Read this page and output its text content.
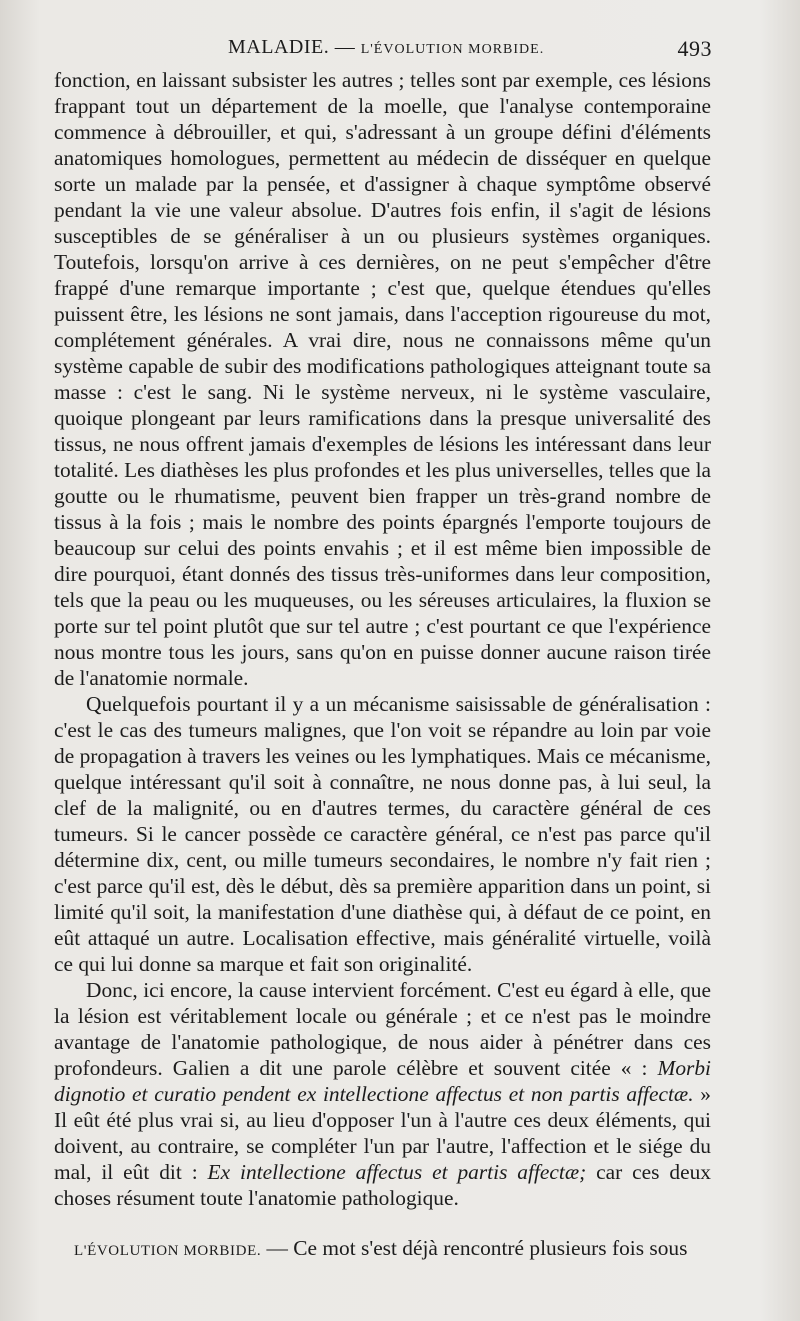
MALADIE. — L'ÉVOLUTION MORBIDE.	493

fonction, en laissant subsister les autres ; telles sont par exemple, ces lésions frappant tout un département de la moelle, que l'analyse contemporaine commence à débrouiller, et qui, s'adressant à un groupe défini d'éléments anatomiques homologues, permettent au médecin de disséquer en quelque sorte un malade par la pensée, et d'assigner à chaque symptôme observé pendant la vie une valeur absolue. D'autres fois enfin, il s'agit de lésions susceptibles de se généraliser à un ou plusieurs systèmes organiques. Toutefois, lorsqu'on arrive à ces dernières, on ne peut s'empêcher d'être frappé d'une remarque importante ; c'est que, quelque étendues qu'elles puissent être, les lésions ne sont jamais, dans l'acception rigoureuse du mot, complétement générales. A vrai dire, nous ne connaissons même qu'un système capable de subir des modifications pathologiques atteignant toute sa masse : c'est le sang. Ni le système nerveux, ni le système vasculaire, quoique plongeant par leurs ramifications dans la presque universalité des tissus, ne nous offrent jamais d'exemples de lésions les intéressant dans leur totalité. Les diathèses les plus profondes et les plus universelles, telles que la goutte ou le rhumatisme, peuvent bien frapper un très-grand nombre de tissus à la fois ; mais le nombre des points épargnés l'emporte toujours de beaucoup sur celui des points envahis ; et il est même bien impossible de dire pourquoi, étant donnés des tissus très-uniformes dans leur composition, tels que la peau ou les muqueuses, ou les séreuses articulaires, la fluxion se porte sur tel point plutôt que sur tel autre ; c'est pourtant ce que l'expérience nous montre tous les jours, sans qu'on en puisse donner aucune raison tirée de l'anatomie normale.

Quelquefois pourtant il y a un mécanisme saisissable de généralisation : c'est le cas des tumeurs malignes, que l'on voit se répandre au loin par voie de propagation à travers les veines ou les lymphatiques. Mais ce mécanisme, quelque intéressant qu'il soit à connaître, ne nous donne pas, à lui seul, la clef de la malignité, ou en d'autres termes, du caractère général de ces tumeurs. Si le cancer possède ce caractère général, ce n'est pas parce qu'il détermine dix, cent, ou mille tumeurs secondaires, le nombre n'y fait rien ; c'est parce qu'il est, dès le début, dès sa première apparition dans un point, si limité qu'il soit, la manifestation d'une diathèse qui, à défaut de ce point, en eût attaqué un autre. Localisation effective, mais généralité virtuelle, voilà ce qui lui donne sa marque et fait son originalité.

Donc, ici encore, la cause intervient forcément. C'est eu égard à elle, que la lésion est véritablement locale ou générale ; et ce n'est pas le moindre avantage de l'anatomie pathologique, de nous aider à pénétrer dans ces profondeurs. Galien a dit une parole célèbre et souvent citée « : Morbi dignotio et curatio pendent ex intellectione affectus et non partis affectæ. » Il eût été plus vrai si, au lieu d'opposer l'un à l'autre ces deux éléments, qui doivent, au contraire, se compléter l'un par l'autre, l'affection et le siége du mal, il eût dit : Ex intellectione affectus et partis affectæ; car ces deux choses résument toute l'anatomie pathologique.

L'ÉVOLUTION MORBIDE. — Ce mot s'est déjà rencontré plusieurs fois sous
